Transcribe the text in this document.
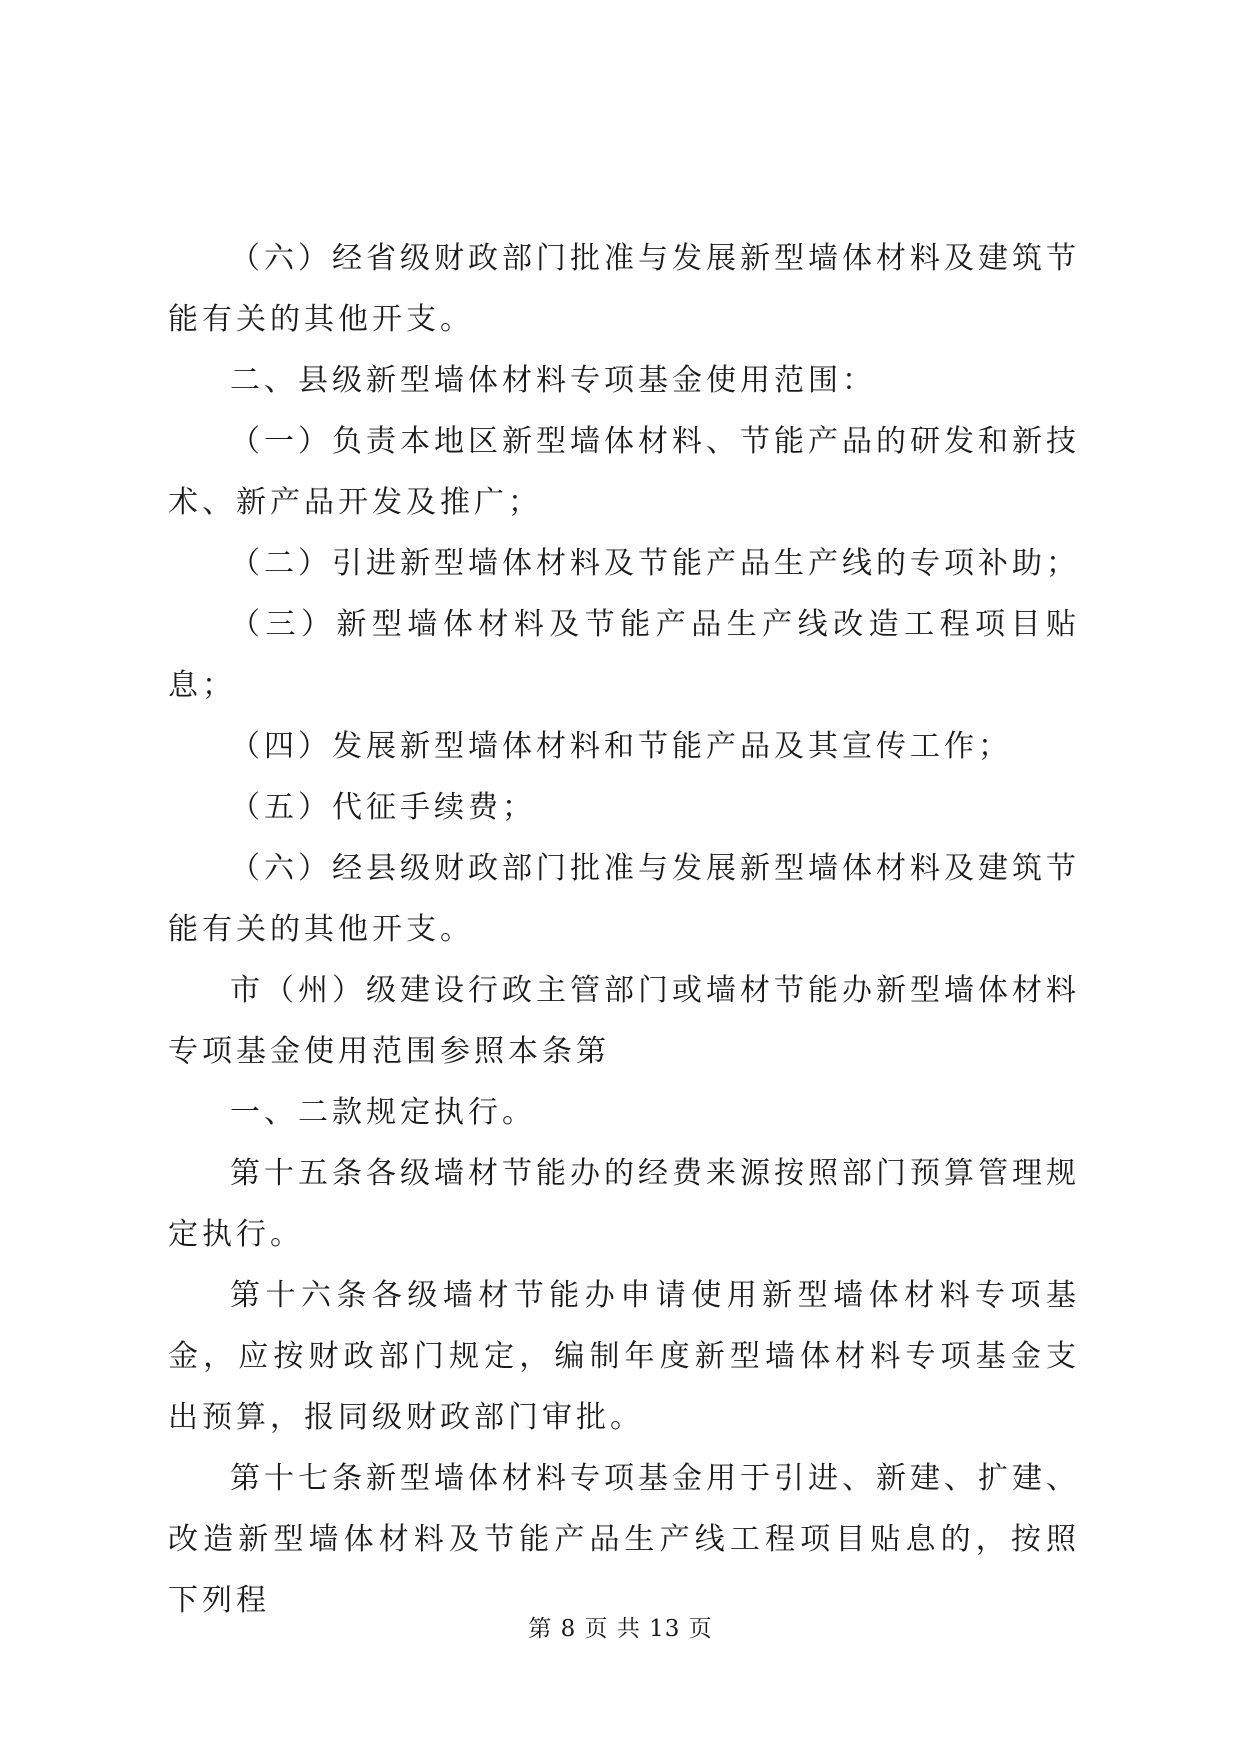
（六）经省级财政部门批准与发展新型墙体材料及建筑节能有关的其他开支。

二、县级新型墙体材料专项基金使用范围：

（一）负责本地区新型墙体材料、节能产品的研发和新技术、新产品开发及推广；

（二）引进新型墙体材料及节能产品生产线的专项补助；

（三）新型墙体材料及节能产品生产线改造工程项目贴息；

（四）发展新型墙体材料和节能产品及其宣传工作；

（五）代征手续费；

（六）经县级财政部门批准与发展新型墙体材料及建筑节能有关的其他开支。

市（州）级建设行政主管部门或墙材节能办新型墙体材料专项基金使用范围参照本条第

一、二款规定执行。

第十五条各级墙材节能办的经费来源按照部门预算管理规定执行。

第十六条各级墙材节能办申请使用新型墙体材料专项基金，应按财政部门规定，编制年度新型墙体材料专项基金支出预算，报同级财政部门审批。

第十七条新型墙体材料专项基金用于引进、新建、扩建、改造新型墙体材料及节能产品生产线工程项目贴息的，按照下列程

第 8 页 共 13 页
